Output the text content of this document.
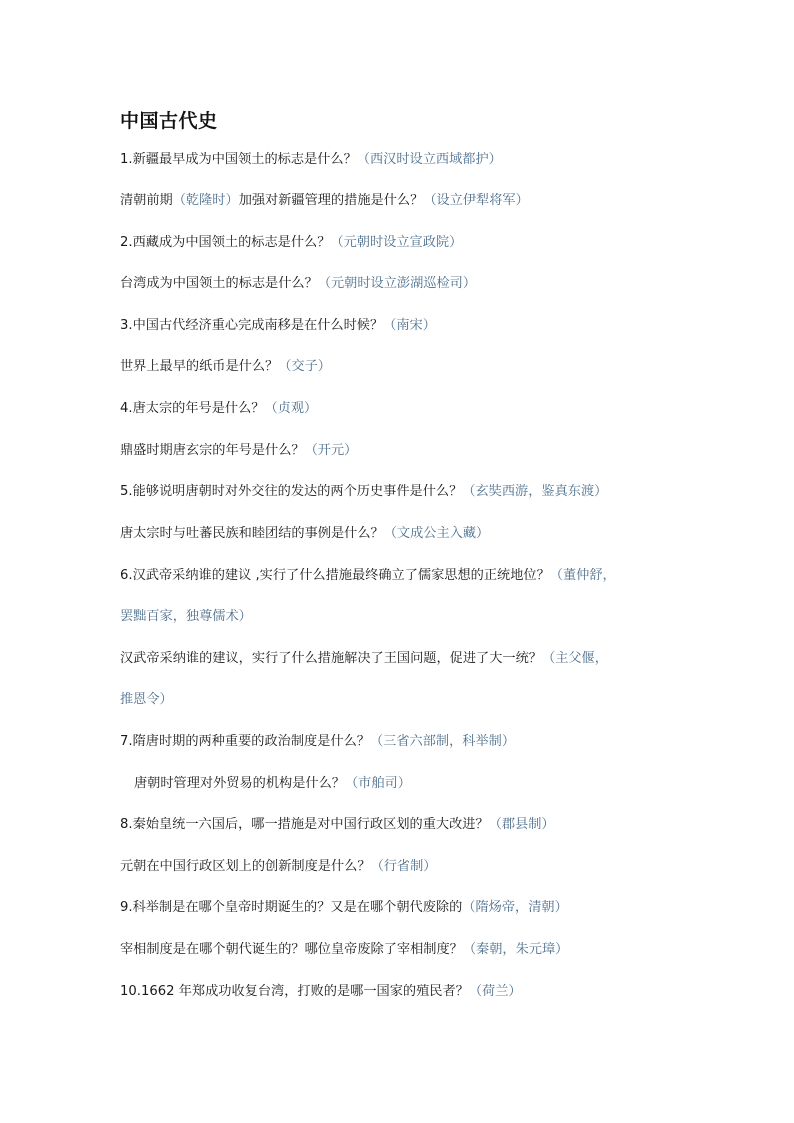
中国古代史
1.新疆最早成为中国领土的标志是什么？（西汉时设立西域都护）
清朝前期（乾隆时）加强对新疆管理的措施是什么？（设立伊犁将军）
2.西藏成为中国领土的标志是什么？（元朝时设立宣政院）
台湾成为中国领土的标志是什么？（元朝时设立澎湖巡检司）
3.中国古代经济重心完成南移是在什么时候？（南宋）
世界上最早的纸币是什么？（交子）
4.唐太宗的年号是什么？（贞观）
鼎盛时期唐玄宗的年号是什么？（开元）
5.能够说明唐朝时对外交往的发达的两个历史事件是什么？（玄奘西游，鉴真东渡）
唐太宗时与吐蕃民族和睦团结的事例是什么？（文成公主入藏）
6.汉武帝采纳谁的建议 ,实行了什么措施最终确立了儒家思想的正统地位？（董仲舒，
罢黜百家，独尊儒术）
汉武帝采纳谁的建议，实行了什么措施解决了王国问题，促进了大一统？（主父偃，
推恩令）
7.隋唐时期的两种重要的政治制度是什么？（三省六部制，科举制）
唐朝时管理对外贸易的机构是什么？（市舶司）
8.秦始皇统一六国后，哪一措施是对中国行政区划的重大改进？（郡县制）
元朝在中国行政区划上的创新制度是什么？（行省制）
9.科举制是在哪个皇帝时期诞生的？又是在哪个朝代废除的（隋炀帝，清朝）
宰相制度是在哪个朝代诞生的？哪位皇帝废除了宰相制度？（秦朝，朱元璋）
10.1662 年郑成功收复台湾，打败的是哪一国家的殖民者？（荷兰）
